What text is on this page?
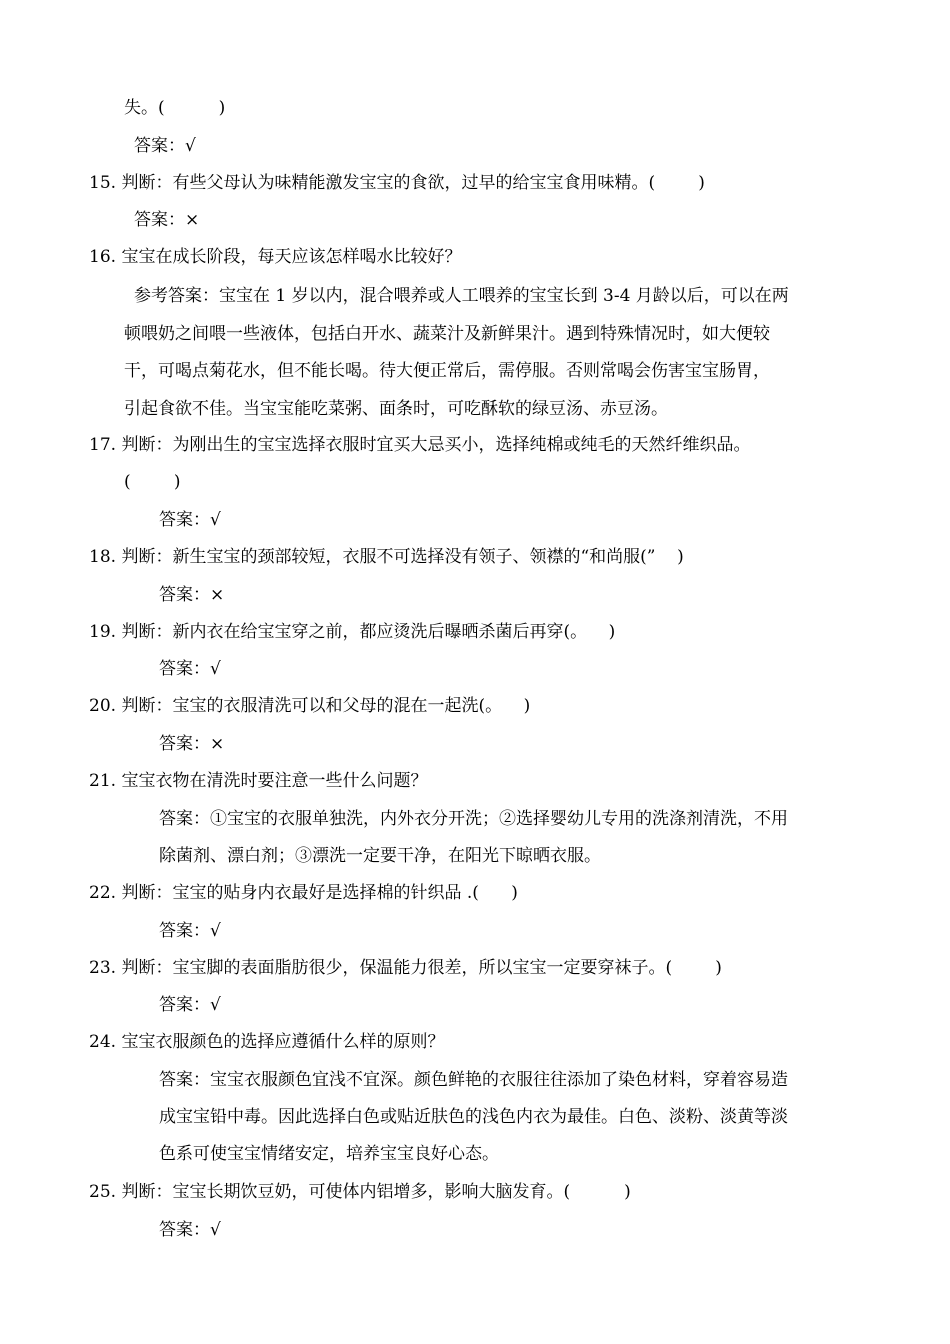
失。(          )
答案：√
15. 判断：有些父母认为味精能激发宝宝的食欲，过早的给宝宝食用味精。(        )
答案：×
16. 宝宝在成长阶段，每天应该怎样喝水比较好？
参考答案：宝宝在 1 岁以内，混合喂养或人工喂养的宝宝长到 3-4 月龄以后，可以在两
顿喂奶之间喂一些液体，包括白开水、蔬菜汁及新鲜果汁。遇到特殊情况时，如大便较
干，可喝点菊花水，但不能长喝。待大便正常后，需停服。否则常喝会伤害宝宝肠胃，
引起食欲不佳。当宝宝能吃菜粥、面条时，可吃酥软的绿豆汤、赤豆汤。
17. 判断：为刚出生的宝宝选择衣服时宜买大忌买小，选择纯棉或纯毛的天然纤维织品。
(        )
答案：√
18. 判断：新生宝宝的颈部较短，衣服不可选择没有领子、领襟的“和尚服(”    )
答案：×
19. 判断：新内衣在给宝宝穿之前，都应烫洗后曝晒杀菌后再穿(。    )
答案：√
20. 判断：宝宝的衣服清洗可以和父母的混在一起洗(。    )
答案：×
21. 宝宝衣物在清洗时要注意一些什么问题？
答案：①宝宝的衣服单独洗，内外衣分开洗；②选择婴幼儿专用的洗涤剂清洗，不用
除菌剂、漂白剂；③漂洗一定要干净，在阳光下晾晒衣服。
22. 判断：宝宝的贴身内衣最好是选择棉的针织品 .(      )
答案：√
23. 判断：宝宝脚的表面脂肪很少，保温能力很差，所以宝宝一定要穿袜子。(        )
答案：√
24. 宝宝衣服颜色的选择应遵循什么样的原则？
答案：宝宝衣服颜色宜浅不宜深。颜色鲜艳的衣服往往添加了染色材料，穿着容易造
成宝宝铅中毒。因此选择白色或贴近肤色的浅色内衣为最佳。白色、淡粉、淡黄等淡
色系可使宝宝情绪安定，培养宝宝良好心态。
25. 判断：宝宝长期饮豆奶，可使体内铝增多，影响大脑发育。(          )
答案：√
